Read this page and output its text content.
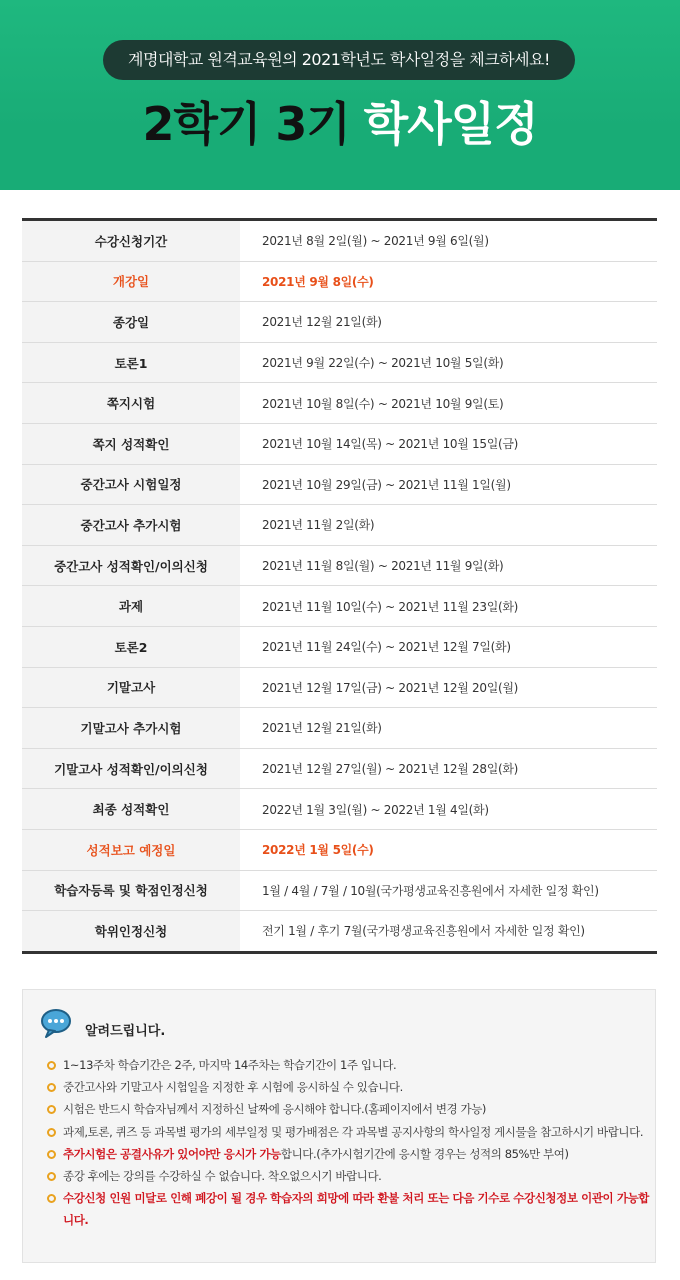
계명대학교 원격교육원의 2021학년도 학사일정을 체크하세요!
2학기 3기 학사일정
수강신청기간	2021년 8월 2일(월) ~ 2021년 9월 6일(월)
개강일	2021년 9월 8일(수)
종강일	2021년 12월 21일(화)
토론1	2021년 9월 22일(수) ~ 2021년 10월 5일(화)
쪽지시험	2021년 10월 8일(수) ~ 2021년 10월 9일(토)
쪽지 성적확인	2021년 10월 14일(목) ~ 2021년 10월 15일(금)
중간고사 시험일정	2021년 10월 29일(금) ~ 2021년 11월 1일(월)
중간고사 추가시험	2021년 11월 2일(화)
중간고사 성적확인/이의신청	2021년 11월 8일(월) ~ 2021년 11월 9일(화)
과제	2021년 11월 10일(수) ~ 2021년 11월 23일(화)
토론2	2021년 11월 24일(수) ~ 2021년 12월 7일(화)
기말고사	2021년 12월 17일(금) ~ 2021년 12월 20일(월)
기말고사 추가시험	2021년 12월 21일(화)
기말고사 성적확인/이의신청	2021년 12월 27일(월) ~ 2021년 12월 28일(화)
최종 성적확인	2022년 1월 3일(월) ~ 2022년 1월 4일(화)
성적보고 예정일	2022년 1월 5일(수)
학습자등록 및 학점인정신청	1월 / 4월 / 7월 / 10월(국가평생교육진흥원에서 자세한 일정 확인)
학위인정신청	전기 1월 / 후기 7월(국가평생교육진흥원에서 자세한 일정 확인)
알려드립니다.
1~13주차 학습기간은 2주, 마지막 14주차는 학습기간이 1주 입니다.
중간고사와 기말고사 시험일을 지정한 후 시험에 응시하실 수 있습니다.
시험은 반드시 학습자님께서 지정하신 날짜에 응시해야 합니다.(홈페이지에서 변경 가능)
과제,토론, 퀴즈 등 과목별 평가의 세부일정 및 평가배점은 각 과목별 공지사항의 학사일정 게시물을 참고하시기 바랍니다.
추가시험은 공결사유가 있어야만 응시가 가능합니다.(추가시험기간에 응시할 경우는 성적의 85%만 부여)
종강 후에는 강의를 수강하실 수 없습니다. 착오없으시기 바랍니다.
수강신청 인원 미달로 인해 폐강이 될 경우 학습자의 희망에 따라 환불 처리 또는 다음 기수로 수강신청정보 이관이 가능합니다.
